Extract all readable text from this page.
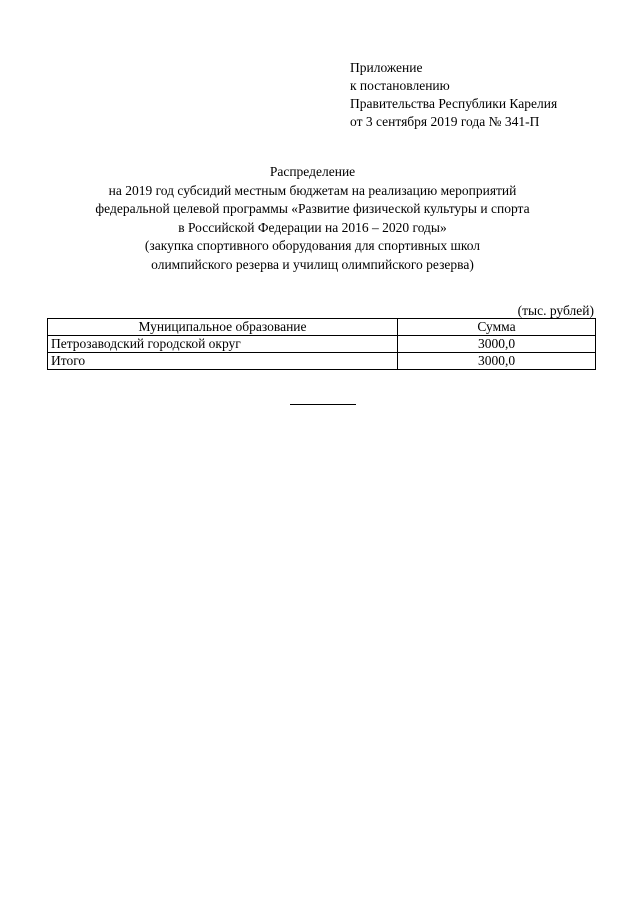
Приложение
к постановлению
Правительства Республики Карелия
от 3 сентября 2019 года № 341-П
Распределение
на 2019 год субсидий местным бюджетам на реализацию мероприятий
федеральной целевой программы «Развитие физической культуры и спорта
в Российской Федерации на 2016 – 2020 годы»
(закупка спортивного оборудования для спортивных школ
олимпийского резерва и училищ олимпийского резерва)
(тыс. рублей)
Муниципальное образование	Сумма
Петрозаводский городской округ	3000,0
Итого	3000,0
